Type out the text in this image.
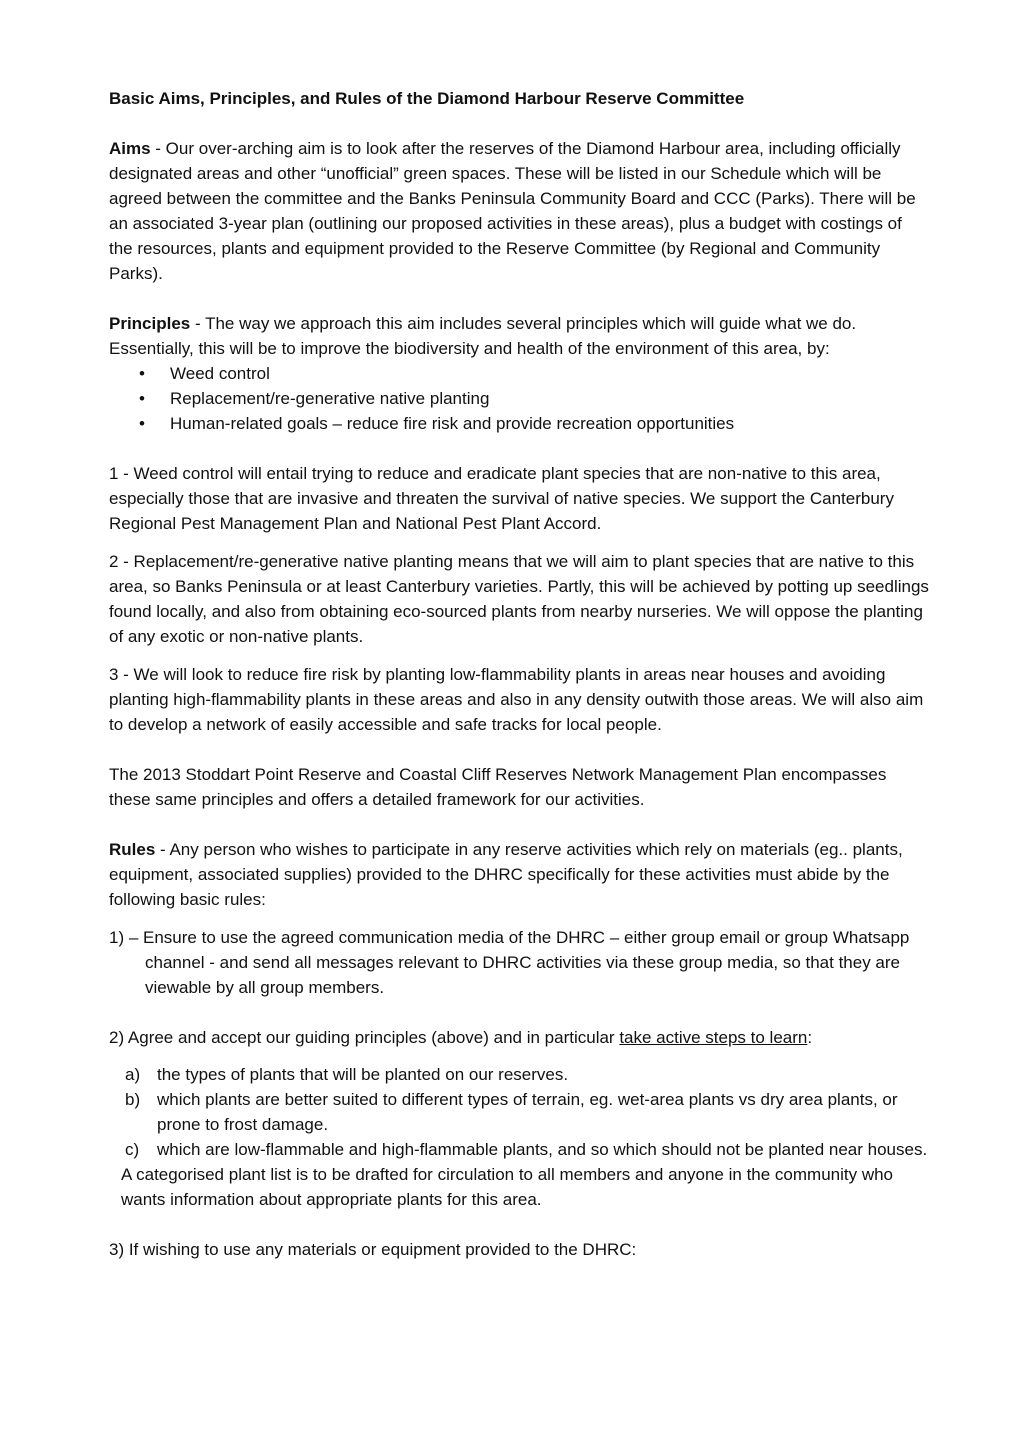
Basic Aims, Principles, and Rules of the Diamond Harbour Reserve Committee

Aims - Our over-arching aim is to look after the reserves of the Diamond Harbour area, including officially designated areas and other “unofficial” green spaces. These will be listed in our Schedule which will be agreed between the committee and the Banks Peninsula Community Board and CCC (Parks). There will be an associated 3-year plan (outlining our proposed activities in these areas), plus a budget with costings of the resources, plants and equipment provided to the Reserve Committee (by Regional and Community Parks).

Principles - The way we approach this aim includes several principles which will guide what we do. Essentially, this will be to improve the biodiversity and health of the environment of this area, by:

• Weed control
• Replacement/re-generative native planting
• Human-related goals – reduce fire risk and provide recreation opportunities

1 - Weed control will entail trying to reduce and eradicate plant species that are non-native to this area, especially those that are invasive and threaten the survival of native species. We support the Canterbury Regional Pest Management Plan and National Pest Plant Accord.

2 - Replacement/re-generative native planting means that we will aim to plant species that are native to this area, so Banks Peninsula or at least Canterbury varieties. Partly, this will be achieved by potting up seedlings found locally, and also from obtaining eco-sourced plants from nearby nurseries. We will oppose the planting of any exotic or non-native plants.

3 - We will look to reduce fire risk by planting low-flammability plants in areas near houses and avoiding planting high-flammability plants in these areas and also in any density outwith those areas. We will also aim to develop a network of easily accessible and safe tracks for local people.

The 2013 Stoddart Point Reserve and Coastal Cliff Reserves Network Management Plan encompasses these same principles and offers a detailed framework for our activities.

Rules - Any person who wishes to participate in any reserve activities which rely on materials (eg.. plants, equipment, associated supplies) provided to the DHRC specifically for these activities must abide by the following basic rules:

1) – Ensure to use the agreed communication media of the DHRC – either group email or group Whatsapp channel - and send all messages relevant to DHRC activities via these group media, so that they are viewable by all group members.

2) Agree and accept our guiding principles (above) and in particular take active steps to learn:

a) the types of plants that will be planted on our reserves.
b) which plants are better suited to different types of terrain, eg. wet-area plants vs dry area plants, or prone to frost damage.
c) which are low-flammable and high-flammable plants, and so which should not be planted near houses.

A categorised plant list is to be drafted for circulation to all members and anyone in the community who wants information about appropriate plants for this area.

3) If wishing to use any materials or equipment provided to the DHRC:
